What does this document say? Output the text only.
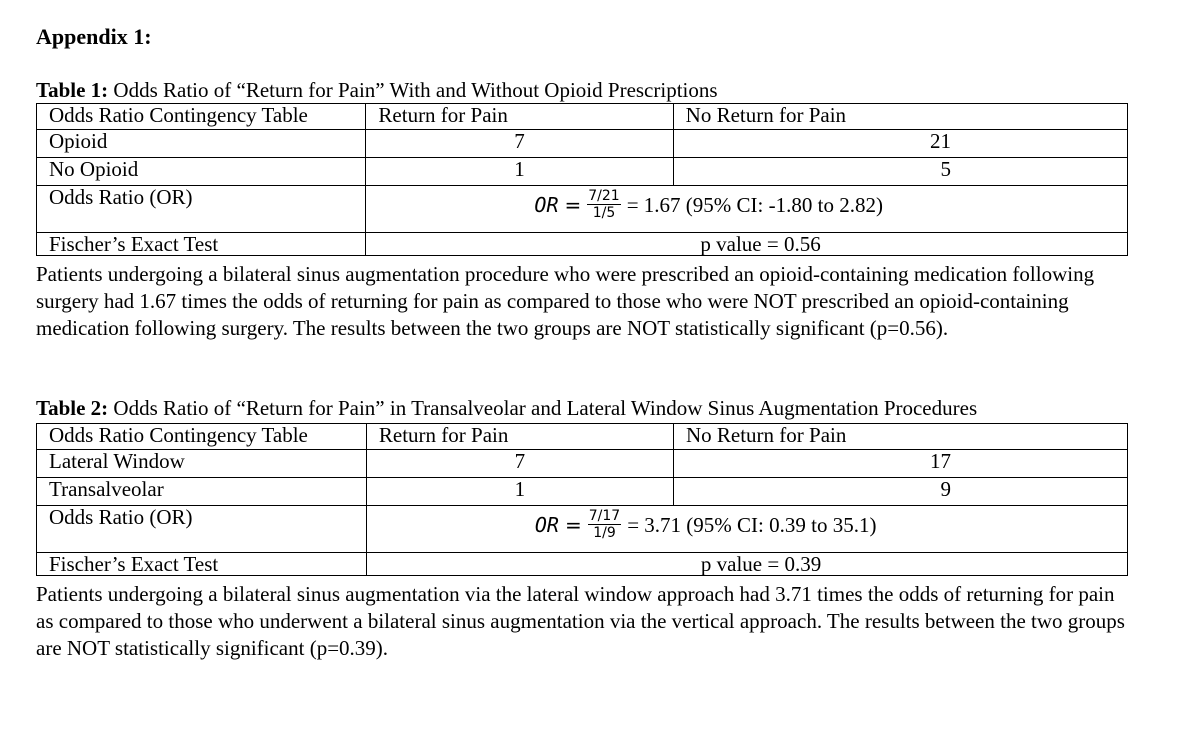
Appendix 1:
Table 1: Odds Ratio of “Return for Pain” With and Without Opioid Prescriptions
Odds Ratio Contingency Table	Return for Pain	No Return for Pain
Opioid	7	21
No Opioid	1	5
Odds Ratio (OR)	OR = $\frac{7/21}{1/5} = 1.67$ (95% CI: -1.80 to 2.82)	

Fischer’s Exact Test	p value = 0.56	

Patients undergoing a bilateral sinus augmentation procedure who were prescribed an opioid-containing medication following surgery had 1.67 times the odds of returning for pain as compared to those who were NOT prescribed an opioid-containing medication following surgery. The results between the two groups are NOT statistically significant (p=0.56).

Table 2: Odds Ratio of “Return for Pain” in Transalveolar and Lateral Window Sinus Augmentation Procedures
Odds Ratio Contingency Table	Return for Pain	No Return for Pain
Lateral Window	7	17
Transalveolar	1	9
Odds Ratio (OR)	OR = $\frac{7/17}{1/9} = 3.71$ (95% CI: 0.39 to 35.1)	

Fischer’s Exact Test	p value = 0.39	

Patients undergoing a bilateral sinus augmentation via the lateral window approach had 3.71 times the odds of returning for pain as compared to those who underwent a bilateral sinus augmentation via the vertical approach. The results between the two groups are NOT statistically significant (p=0.39).
